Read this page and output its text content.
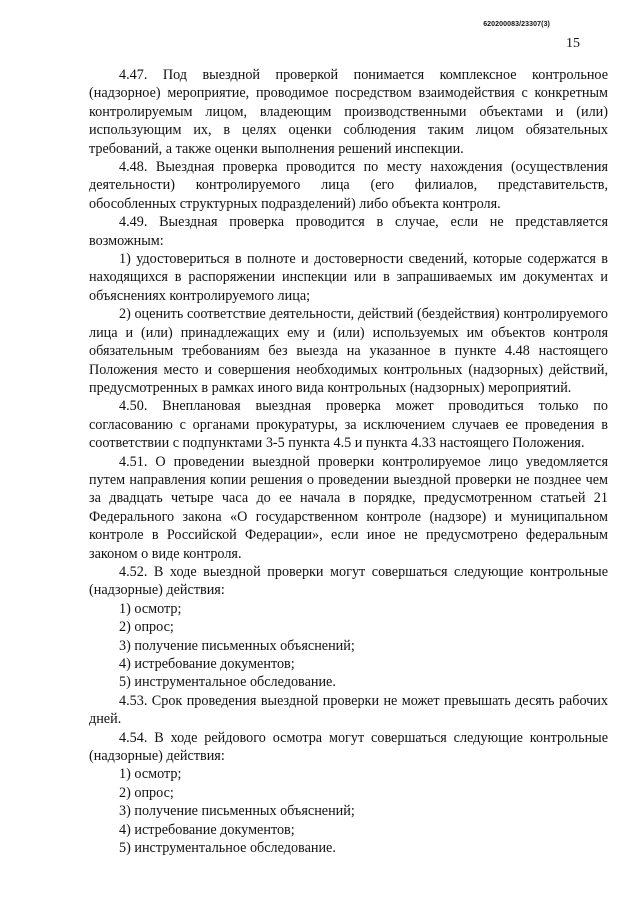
620200083/23307(3)
15

4.47. Под выездной проверкой понимается комплексное контрольное (надзорное) мероприятие, проводимое посредством взаимодействия с конкретным контролируемым лицом, владеющим производственными объектами и (или) использующим их, в целях оценки соблюдения таким лицом обязательных требований, а также оценки выполнения решений инспекции.

4.48. Выездная проверка проводится по месту нахождения (осуществления деятельности) контролируемого лица (его филиалов, представительств, обособленных структурных подразделений) либо объекта контроля.

4.49. Выездная проверка проводится в случае, если не представляется возможным:

1) удостовериться в полноте и достоверности сведений, которые содержатся в находящихся в распоряжении инспекции или в запрашиваемых им документах и объяснениях контролируемого лица;

2) оценить соответствие деятельности, действий (бездействия) контролируемого лица и (или) принадлежащих ему и (или) используемых им объектов контроля обязательным требованиям без выезда на указанное в пункте 4.48 настоящего Положения место и совершения необходимых контрольных (надзорных) действий, предусмотренных в рамках иного вида контрольных (надзорных) мероприятий.

4.50. Внеплановая выездная проверка может проводиться только по согласованию с органами прокуратуры, за исключением случаев ее проведения в соответствии с подпунктами 3-5 пункта 4.5 и пункта 4.33 настоящего Положения.

4.51. О проведении выездной проверки контролируемое лицо уведомляется путем направления копии решения о проведении выездной проверки не позднее чем за двадцать четыре часа до ее начала в порядке, предусмотренном статьей 21 Федерального закона «О государственном контроле (надзоре) и муниципальном контроле в Российской Федерации», если иное не предусмотрено федеральным законом о виде контроля.

4.52. В ходе выездной проверки могут совершаться следующие контрольные (надзорные) действия:

1) осмотр;

2) опрос;

3) получение письменных объяснений;

4) истребование документов;

5) инструментальное обследование.

4.53. Срок проведения выездной проверки не может превышать десять рабочих дней.

4.54. В ходе рейдового осмотра могут совершаться следующие контрольные (надзорные) действия:

1) осмотр;

2) опрос;

3) получение письменных объяснений;

4) истребование документов;

5) инструментальное обследование.
